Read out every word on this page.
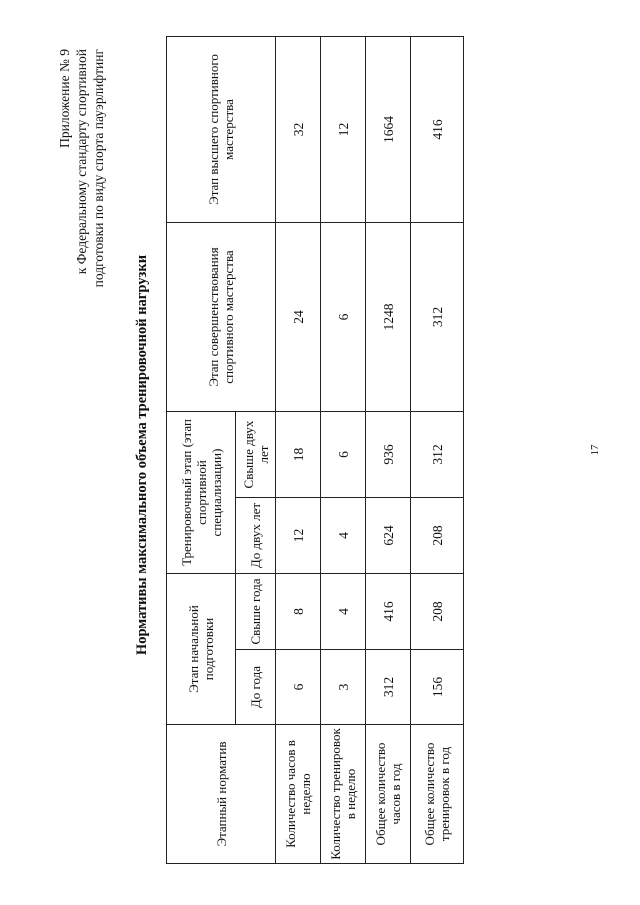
17
Приложение № 9 к Федеральному стандарту спортивной подготовки по виду спорта пауэрлифтинг
Нормативы максимального объема тренировочной нагрузки
Этапный норматив	Этап начальной подготовки		Тренировочный этап (этап спортивной специализации)		Этап совершенствования спортивного мастерства	Этап высшего спортивного мастерства
	До года	Свыше года	До двух лет	Свыше двух лет		
Количество часов в неделю	6	8	12	18	24	32
Количество тренировок в неделю	3	4	4	6	6	12
Общее количество часов в год	312	416	624	936	1248	1664
Общее количество тренировок в год	156	208	208	312	312	416
